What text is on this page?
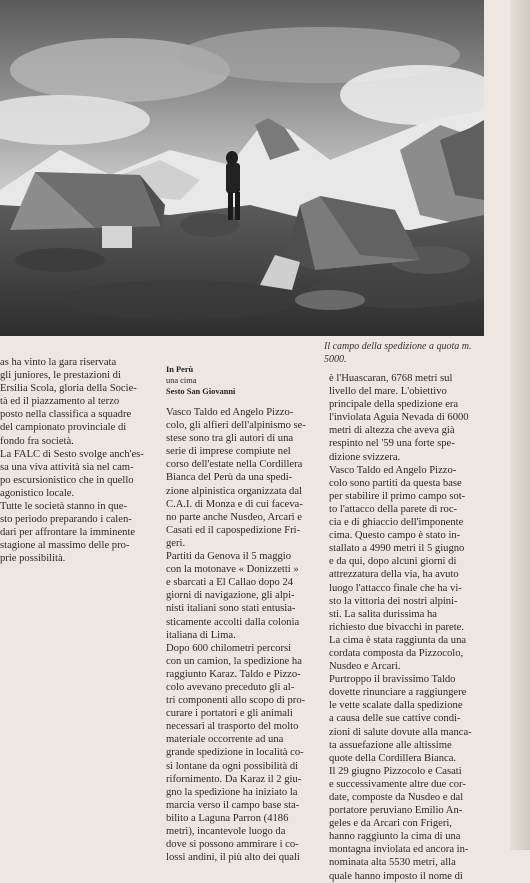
Il campo della spedizione a quota m. 5000.
as ha vinto la gara riservata
gli juniores, le prestazioni di
Ersilia Scola, gloria della Socie-
tà ed il piazzamento al terzo
posto nella classifica a squadre
del campionato provinciale di
fondo fra società.
La FALC di Sesto svolge anch'es-
sa una viva attività sia nel cam-
po escursionistico che in quello
agonistico locale.
Tutte le società stanno in que-
sto periodo preparando i calen-
dari per affrontare la imminente
stagione al massimo delle pro-
prie possibilità.
In Perù
una cima
Sesto San Giovanni
Vasco Taldo ed Angelo Pizzo-
colo, gli alfieri dell'alpinismo se-
stese sono tra gli autori di una
serie di imprese compiute nel
corso dell'estate nella Cordillera
Bianca del Perù da una spedi-
zione alpinistica organizzata dal
C.A.I. di Monza e di cui faceva-
no parte anche Nusdeo, Arcari e
Casati ed il capospedizione Fri-
geri.
Partiti da Genova il 5 maggio
con la motonave « Donizzetti »
e sbarcati a El Callao dopo 24
giorni di navigazione, gli alpi-
nisti italiani sono stati entusia-
sticamente accolti dalla colonia
italiana di Lima.
Dopo 600 chilometri percorsi
con un camion, la spedizione ha
raggiunto Karaz. Taldo e Pizzo-
colo avevano preceduto gli al-
tri componenti allo scopo di pro-
curare i portatori e gli animali
necessari al trasporto del molto
materiale occorrente ad una
grande spedizione in località co-
sì lontane da ogni possibilità di
rifornimento. Da Karaz il 2 giu-
gno la spedizione ha iniziato la
marcia verso il campo base sta-
bilito a Laguna Parron (4186
metri), incantevole luogo da
dove si possono ammirare i co-
lossi andini, il più alto dei quali
è l'Huascaran, 6768 metri sul
livello del mare. L'obiettivo
principale della spedizione era
l'inviolata Aguia Nevada di 6000
metri di altezza che aveva già
respinto nel '59 una forte spe-
dizione svizzera.
Vasco Taldo ed Angelo Pizzo-
colo sono partiti da questa base
per stabilire il primo campo sot-
to l'attacco della parete di roc-
cia e di ghiaccio dell'imponente
cima. Questo campo è stato in-
stallato a 4990 metri il 5 giugno
e da qui, dopo alcuni giorni di
attrezzatura della via, ha avuto
luogo l'attacco finale che ha vi-
sto la vittoria dei nostri alpini-
sti. La salita durissima ha
richiesto due bivacchi in parete.
La cima è stata raggiunta da una
cordata composta da Pizzocolo,
Nusdeo e Arcari.
Purtroppo il bravissimo Taldo
dovette rinunciare a raggiungere
le vette scalate dalla spedizione
a causa delle sue cattive condi-
zioni di salute dovute alla manca-
ta assuefazione alle altissime
quote della Cordillera Bianca.
Il 29 giugno Pizzocolo e Casati
e successivamente altre due cor-
date, composte da Nusdeo e dal
portatore peruviano Emilio An-
geles e da Arcari con Frigeri,
hanno raggiunto la cima di una
montagna inviolata ed ancora in-
nominata alta 5530 metri, alla
quale hanno imposto il nome di
